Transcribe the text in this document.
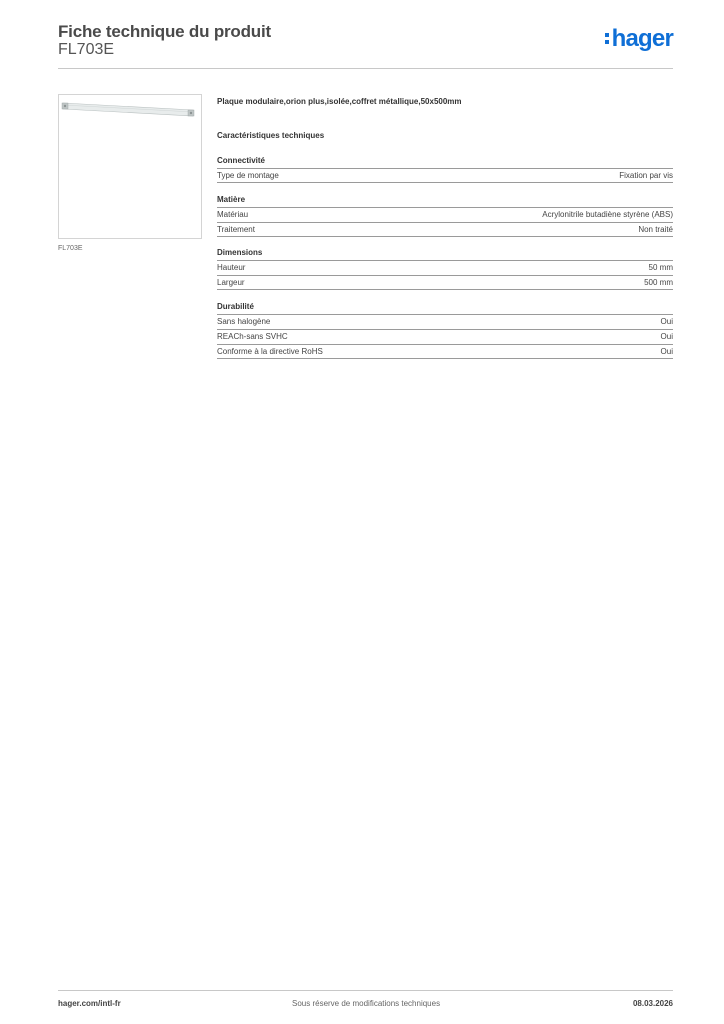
Fiche technique du produit
FL703E	hager
FL703E
Plaque modulaire,orion plus,isolée,coffret métallique,50x500mm
Caractéristiques techniques
Connectivité
Type de montage	Fixation par vis
Matière
Matériau	Acrylonitrile butadiène styrène (ABS)
Traitement	Non traité
Dimensions
Hauteur	50 mm
Largeur	500 mm
Durabilité
Sans halogène	Oui
REACh-sans SVHC	Oui
Conforme à la directive RoHS	Oui
hager.com/intl-fr	Sous réserve de modifications techniques	08.03.2026
